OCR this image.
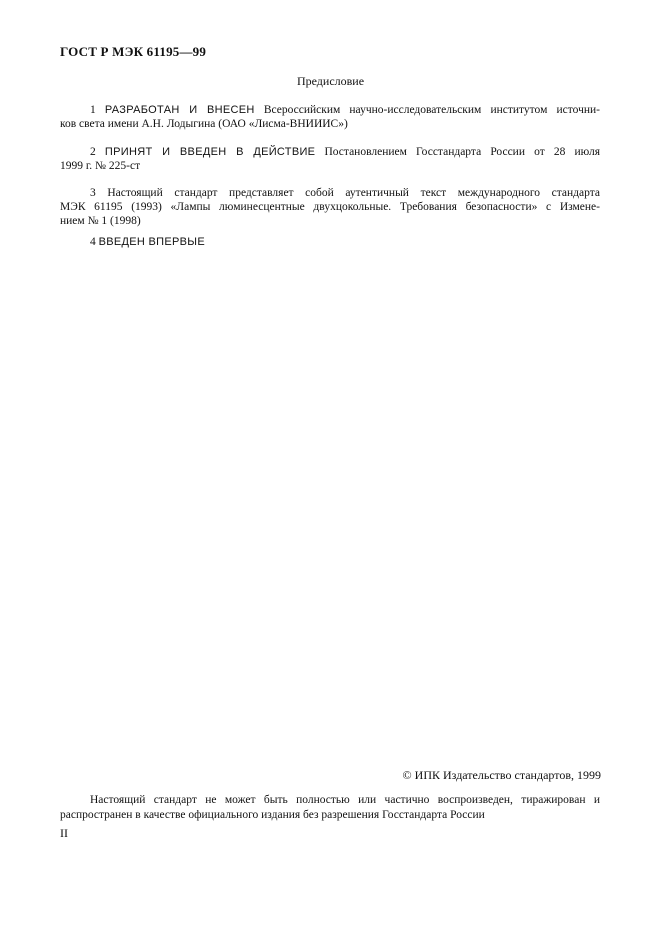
ГОСТ Р МЭК 61195—99
Предисловие
1 РАЗРАБОТАН И ВНЕСЕН Всероссийским научно-исследовательским институтом источни-
ков света имени А.Н. Лодыгина (ОАО «Лисма-ВНИИИС»)
2 ПРИНЯТ И ВВЕДЕН В ДЕЙСТВИЕ Постановлением Госстандарта России от 28 июля
1999 г. № 225-ст
3 Настоящий стандарт представляет собой аутентичный текст международного стандарта
МЭК 61195 (1993) «Лампы люминесцентные двухцокольные. Требования безопасности» с Измене-
нием № 1 (1998)
4 ВВЕДЕН ВПЕРВЫЕ
© ИПК Издательство стандартов, 1999
Настоящий стандарт не может быть полностью или частично воспроизведен, тиражирован и
распространен в качестве официального издания без разрешения Госстандарта России
II
